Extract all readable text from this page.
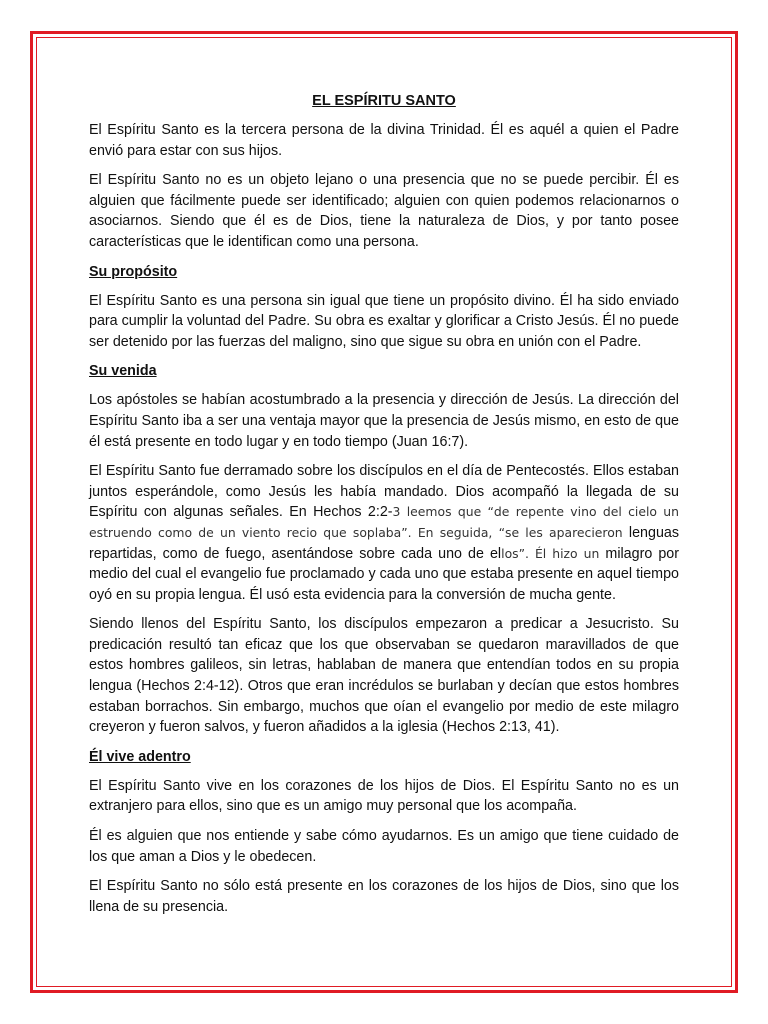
EL ESPÍRITU SANTO

El Espíritu Santo es la tercera persona de la divina Trinidad. Él es aquél a quien el Padre envió para estar con sus hijos.

El Espíritu Santo no es un objeto lejano o una presencia que no se puede percibir. Él es alguien que fácilmente puede ser identificado; alguien con quien podemos relacionarnos o asociarnos. Siendo que él es de Dios, tiene la naturaleza de Dios, y por tanto posee características que le identifican como una persona.

Su propósito

El Espíritu Santo es una persona sin igual que tiene un propósito divino. Él ha sido enviado para cumplir la voluntad del Padre. Su obra es exaltar y glorificar a Cristo Jesús. Él no puede ser detenido por las fuerzas del maligno, sino que sigue su obra en unión con el Padre.

Su venida

Los apóstoles se habían acostumbrado a la presencia y dirección de Jesús. La dirección del Espíritu Santo iba a ser una ventaja mayor que la presencia de Jesús mismo, en esto de que él está presente en todo lugar y en todo tiempo (Juan 16:7).

El Espíritu Santo fue derramado sobre los discípulos en el día de Pentecostés. Ellos estaban juntos esperándole, como Jesús les había mandado. Dios acompañó la llegada de su Espíritu con algunas señales. En Hechos 2:2-3 leemos que “de repente vino del cielo un estruendo como de un viento recio que soplaba”. En seguida, “se les aparecieron lenguas repartidas, como de fuego, asentándose sobre cada uno de ellos”. Él hizo un milagro por medio del cual el evangelio fue proclamado y cada uno que estaba presente en aquel tiempo oyó en su propia lengua. Él usó esta evidencia para la conversión de mucha gente.

Siendo llenos del Espíritu Santo, los discípulos empezaron a predicar a Jesucristo. Su predicación resultó tan eficaz que los que observaban se quedaron maravillados de que estos hombres galileos, sin letras, hablaban de manera que entendían todos en su propia lengua (Hechos 2:4-12). Otros que eran incrédulos se burlaban y decían que estos hombres estaban borrachos. Sin embargo, muchos que oían el evangelio por medio de este milagro creyeron y fueron salvos, y fueron añadidos a la iglesia (Hechos 2:13, 41).

Él vive adentro

El Espíritu Santo vive en los corazones de los hijos de Dios. El Espíritu Santo no es un extranjero para ellos, sino que es un amigo muy personal que los acompaña.

Él es alguien que nos entiende y sabe cómo ayudarnos. Es un amigo que tiene cuidado de los que aman a Dios y le obedecen.

El Espíritu Santo no sólo está presente en los corazones de los hijos de Dios, sino que los llena de su presencia.
